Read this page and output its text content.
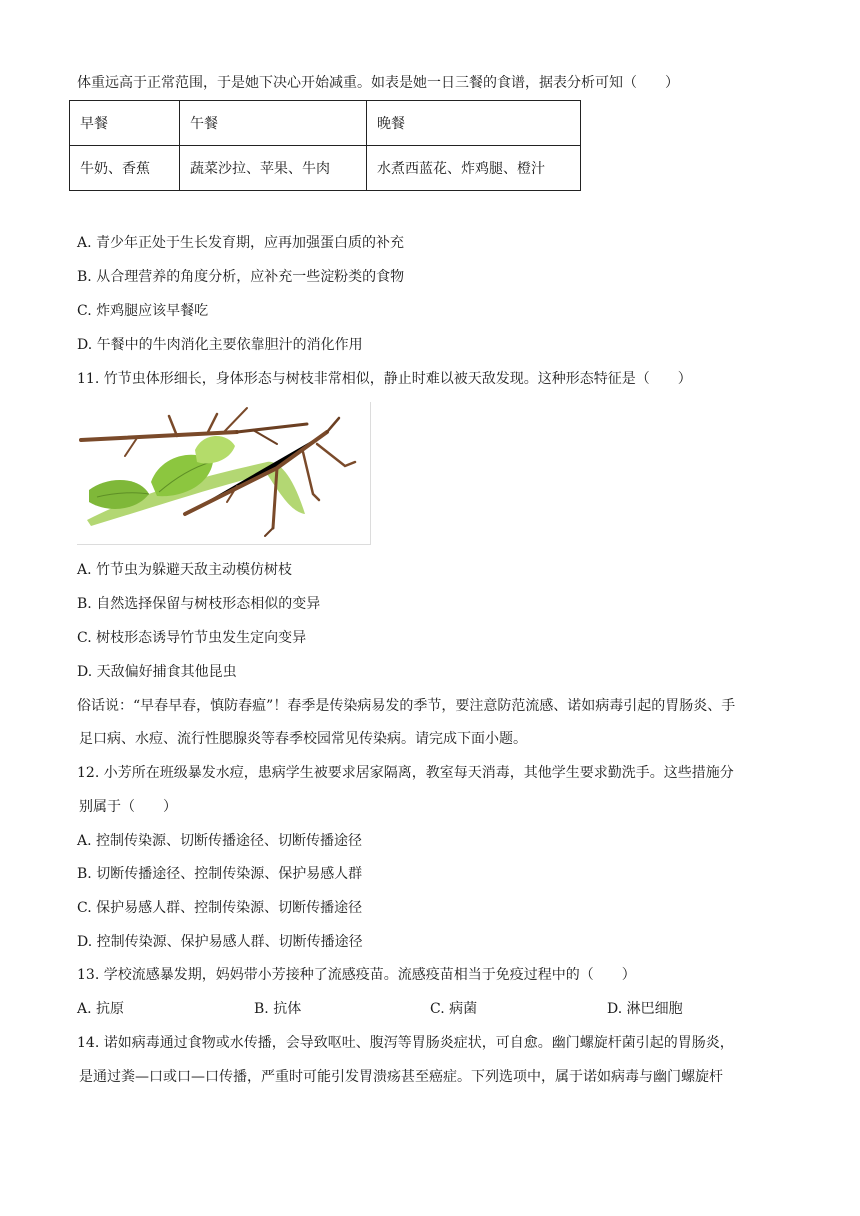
体重远高于正常范围，于是她下决心开始减重。如表是她一日三餐的食谱，据表分析可知（　　）
早餐	午餐	晚餐
牛奶、香蕉	蔬菜沙拉、苹果、牛肉	水煮西蓝花、炸鸡腿、橙汁
A. 青少年正处于生长发育期，应再加强蛋白质的补充
B. 从合理营养的角度分析，应补充一些淀粉类的食物
C. 炸鸡腿应该早餐吃
D. 午餐中的牛肉消化主要依靠胆汁的消化作用
11. 竹节虫体形细长，身体形态与树枝非常相似，静止时难以被天敌发现。这种形态特征是（　　）
A. 竹节虫为躲避天敌主动模仿树枝
B. 自然选择保留与树枝形态相似的变异
C. 树枝形态诱导竹节虫发生定向变异
D. 天敌偏好捕食其他昆虫
俗话说：“早春早春，慎防春瘟”！春季是传染病易发的季节，要注意防范流感、诺如病毒引起的胃肠炎、手
足口病、水痘、流行性腮腺炎等春季校园常见传染病。请完成下面小题。
12. 小芳所在班级暴发水痘，患病学生被要求居家隔离，教室每天消毒，其他学生要求勤洗手。这些措施分
别属于（　　）
A. 控制传染源、切断传播途径、切断传播途径
B. 切断传播途径、控制传染源、保护易感人群
C. 保护易感人群、控制传染源、切断传播途径
D. 控制传染源、保护易感人群、切断传播途径
13. 学校流感暴发期，妈妈带小芳接种了流感疫苗。流感疫苗相当于免疫过程中的（　　）
A. 抗原	B. 抗体	C. 病菌	D. 淋巴细胞
14. 诺如病毒通过食物或水传播，会导致呕吐、腹泻等胃肠炎症状，可自愈。幽门螺旋杆菌引起的胃肠炎，
是通过粪—口或口—口传播，严重时可能引发胃溃疡甚至癌症。下列选项中，属于诺如病毒与幽门螺旋杆
